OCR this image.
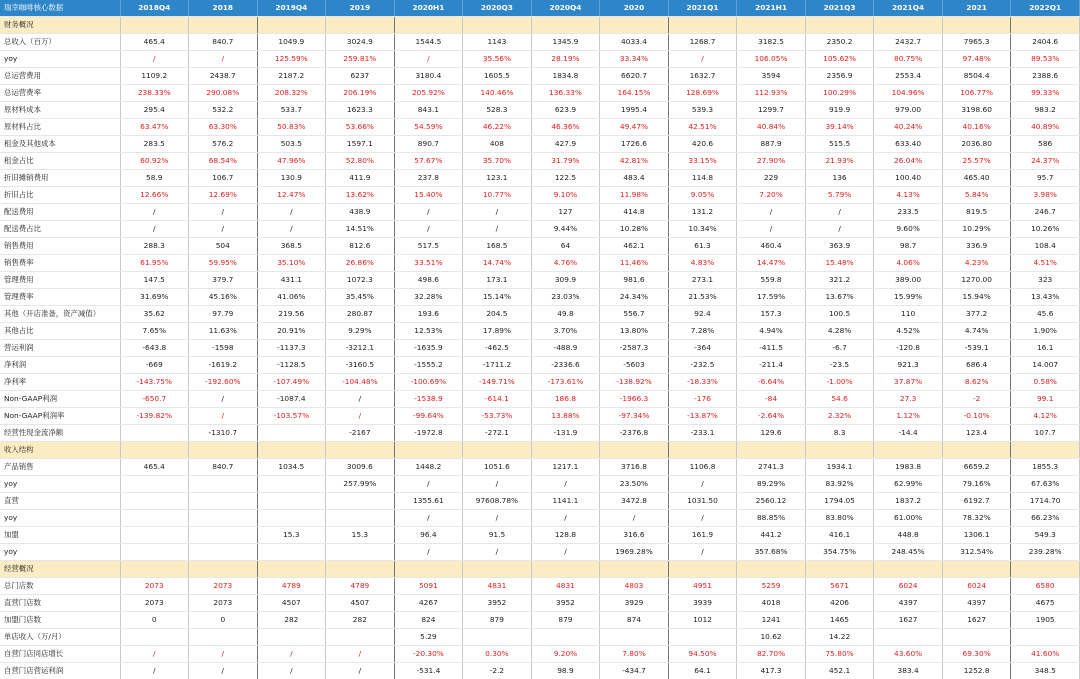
瑞幸咖啡核心数据	2018Q4	2018	2019Q4	2019	2020H1	2020Q3	2020Q4	2020	2021Q1	2021H1	2021Q3	2021Q4	2021	2022Q1
财务概况														
总收入（百万）	465.4	840.7	1049.9	3024.9	1544.5	1143	1345.9	4033.4	1268.7	3182.5	2350.2	2432.7	7965.3	2404.6
yoy	/	/	125.59%	259.81%	/	35.56%	28.19%	33.34%	/	106.05%	105.62%	80.75%	97.48%	89.53%
总运营费用	1109.2	2438.7	2187.2	6237	3180.4	1605.5	1834.8	6620.7	1632.7	3594	2356.9	2553.4	8504.4	2388.6
总运营费率	238.33%	290.08%	208.32%	206.19%	205.92%	140.46%	136.33%	164.15%	128.69%	112.93%	100.29%	104.96%	106.77%	99.33%
原材料成本	295.4	532.2	533.7	1623.3	843.1	528.3	623.9	1995.4	539.3	1299.7	919.9	979.00	3198.60	983.2
原材料占比	63.47%	63.30%	50.83%	53.66%	54.59%	46.22%	46.36%	49.47%	42.51%	40.84%	39.14%	40.24%	40.16%	40.89%
租金及其他成本	283.5	576.2	503.5	1597.1	890.7	408	427.9	1726.6	420.6	887.9	515.5	633.40	2036.80	586
租金占比	60.92%	68.54%	47.96%	52.80%	57.67%	35.70%	31.79%	42.81%	33.15%	27.90%	21.93%	26.04%	25.57%	24.37%
折旧摊销费用	58.9	106.7	130.9	411.9	237.8	123.1	122.5	483.4	114.8	229	136	100.40	465.40	95.7
折旧占比	12.66%	12.69%	12.47%	13.62%	15.40%	10.77%	9.10%	11.98%	9.05%	7.20%	5.79%	4.13%	5.84%	3.98%
配送费用	/	/	/	438.9	/	/	127	414.8	131.2	/	/	233.5	819.5	246.7
配送费占比	/	/	/	14.51%	/	/	9.44%	10.28%	10.34%	/	/	9.60%	10.29%	10.26%
销售费用	288.3	504	368.5	812.6	517.5	168.5	64	462.1	61.3	460.4	363.9	98.7	336.9	108.4
销售费率	61.95%	59.95%	35.10%	26.86%	33.51%	14.74%	4.76%	11.46%	4.83%	14.47%	15.48%	4.06%	4.23%	4.51%
管理费用	147.5	379.7	431.1	1072.3	498.6	173.1	309.9	981.6	273.1	559.8	321.2	389.00	1270.00	323
管理费率	31.69%	45.16%	41.06%	35.45%	32.28%	15.14%	23.03%	24.34%	21.53%	17.59%	13.67%	15.99%	15.94%	13.43%
其他（开店准备，资产减值）	35.62	97.79	219.56	280.87	193.6	204.5	49.8	556.7	92.4	157.3	100.5	110	377.2	45.6
其他占比	7.65%	11.63%	20.91%	9.29%	12.53%	17.89%	3.70%	13.80%	7.28%	4.94%	4.28%	4.52%	4.74%	1.90%
营运利润	-643.8	-1598	-1137.3	-3212.1	-1635.9	-462.5	-488.9	-2587.3	-364	-411.5	-6.7	-120.8	-539.1	16.1
净利润	-669	-1619.2	-1128.5	-3160.5	-1555.2	-1711.2	-2336.6	-5603	-232.5	-211.4	-23.5	921.3	686.4	14.007
净利率	-143.75%	-192.60%	-107.49%	-104.48%	-100.69%	-149.71%	-173.61%	-138.92%	-18.33%	-6.64%	-1.00%	37.87%	8.62%	0.58%
Non-GAAP利润	-650.7	/	-1087.4	/	-1538.9	-614.1	186.8	-1966.3	-176	-84	54.6	27.3	-2	99.1
Non-GAAP利润率	-139.82%	/	-103.57%	/	-99.64%	-53.73%	13.88%	-97.34%	-13.87%	-2.64%	2.32%	1.12%	-0.10%	4.12%
经营性现金流净额		-1310.7		-2167	-1972.8	-272.1	-131.9	-2376.8	-233.1	129.6	8.3	-14.4	123.4	107.7
收入结构														
产品销售	465.4	840.7	1034.5	3009.6	1448.2	1051.6	1217.1	3716.8	1106.8	2741.3	1934.1	1983.8	6659.2	1855.3
yoy				257.99%	/	/	/	23.50%	/	89.29%	83.92%	62.99%	79.16%	67.63%
直营					1355.61	97608.78%	1141.1	3472.8	1031.50	2560.12	1794.05	1837.2	6192.7	1714.70
yoy					/	/	/	/	/	88.85%	83.80%	61.00%	78.32%	66.23%
加盟			15.3	15.3	96.4	91.5	128.8	316.6	161.9	441.2	416.1	448.8	1306.1	549.3
yoy					/	/	/	1969.28%	/	357.68%	354.75%	248.45%	312.54%	239.28%
经营概况														
总门店数	2073	2073	4789	4789	5091	4831	4831	4803	4951	5259	5671	6024	6024	6580
直营门店数	2073	2073	4507	4507	4267	3952	3952	3929	3939	4018	4206	4397	4397	4675
加盟门店数	0	0	282	282	824	879	879	874	1012	1241	1465	1627	1627	1905
单店收入（万/月）					5.29					10.62	14.22			
自营门店同店增长	/	/	/	/	-20.30%	0.30%	9.20%	7.80%	94.50%	82.70%	75.80%	43.60%	69.30%	41.60%
自营门店营运利润	/	/	/	/	-531.4	-2.2	98.9	-434.7	64.1	417.3	452.1	383.4	1252.8	348.5
